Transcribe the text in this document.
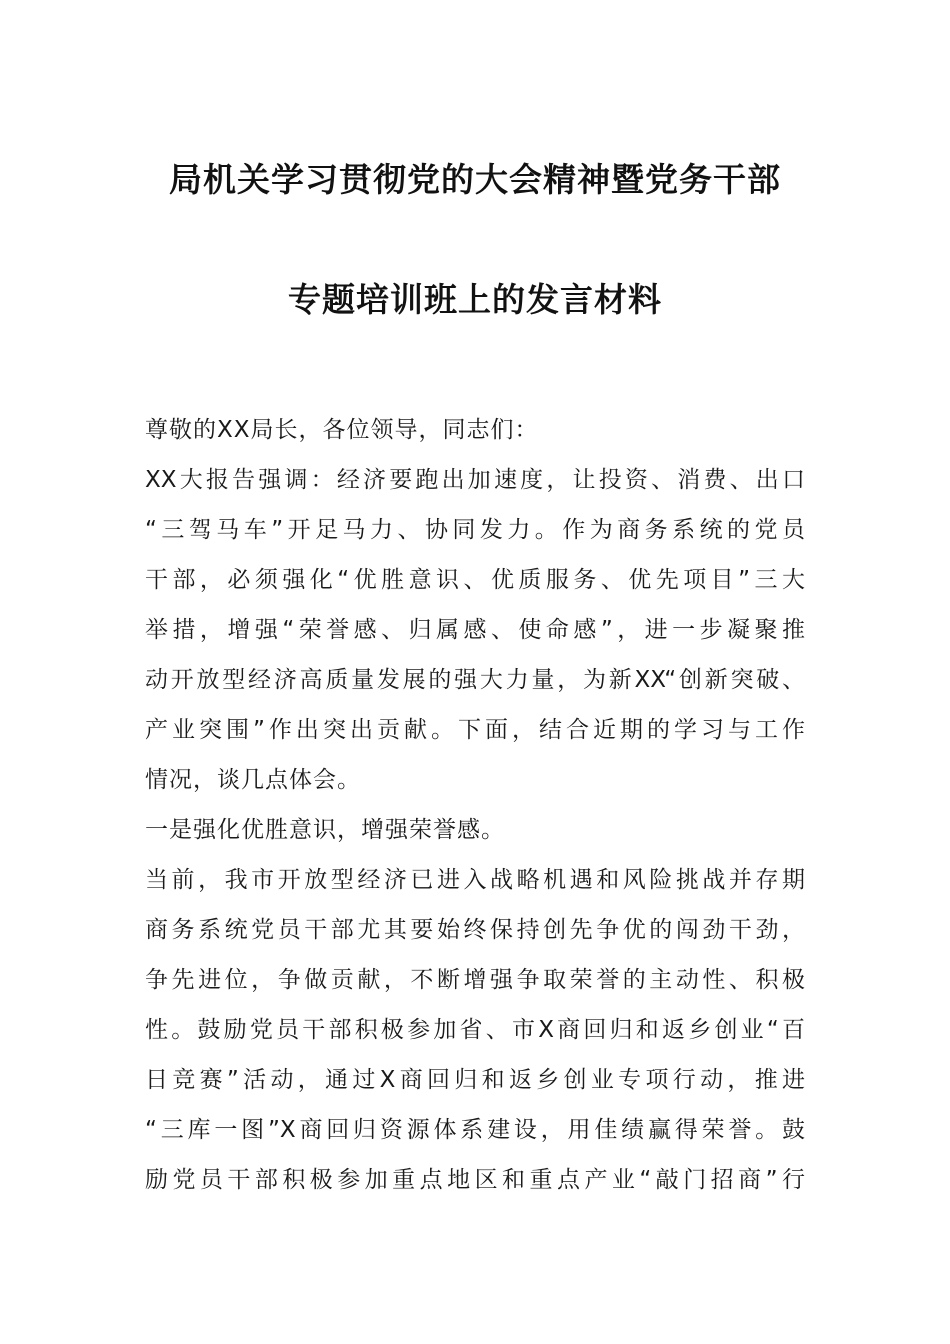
局机关学习贯彻党的大会精神暨党务干部
专题培训班上的发言材料
尊敬的XX局长，各位领导，同志们：
XX大报告强调：经济要跑出加速度，让投资、消费、出口
“三驾马车”开足马力、协同发力。作为商务系统的党员
干部，必须强化“优胜意识、优质服务、优先项目”三大
举措，增强“荣誉感、归属感、使命感”，进一步凝聚推
动开放型经济高质量发展的强大力量，为新XX“创新突破、
产业突围”作出突出贡献。下面，结合近期的学习与工作
情况，谈几点体会。
一是强化优胜意识，增强荣誉感。
当前，我市开放型经济已进入战略机遇和风险挑战并存期
商务系统党员干部尤其要始终保持创先争优的闯劲干劲，
争先进位，争做贡献，不断增强争取荣誉的主动性、积极
性。鼓励党员干部积极参加省、市X商回归和返乡创业“百
日竞赛”活动，通过X商回归和返乡创业专项行动，推进
“三库一图”X商回归资源体系建设，用佳绩赢得荣誉。鼓
励党员干部积极参加重点地区和重点产业“敲门招商”行
